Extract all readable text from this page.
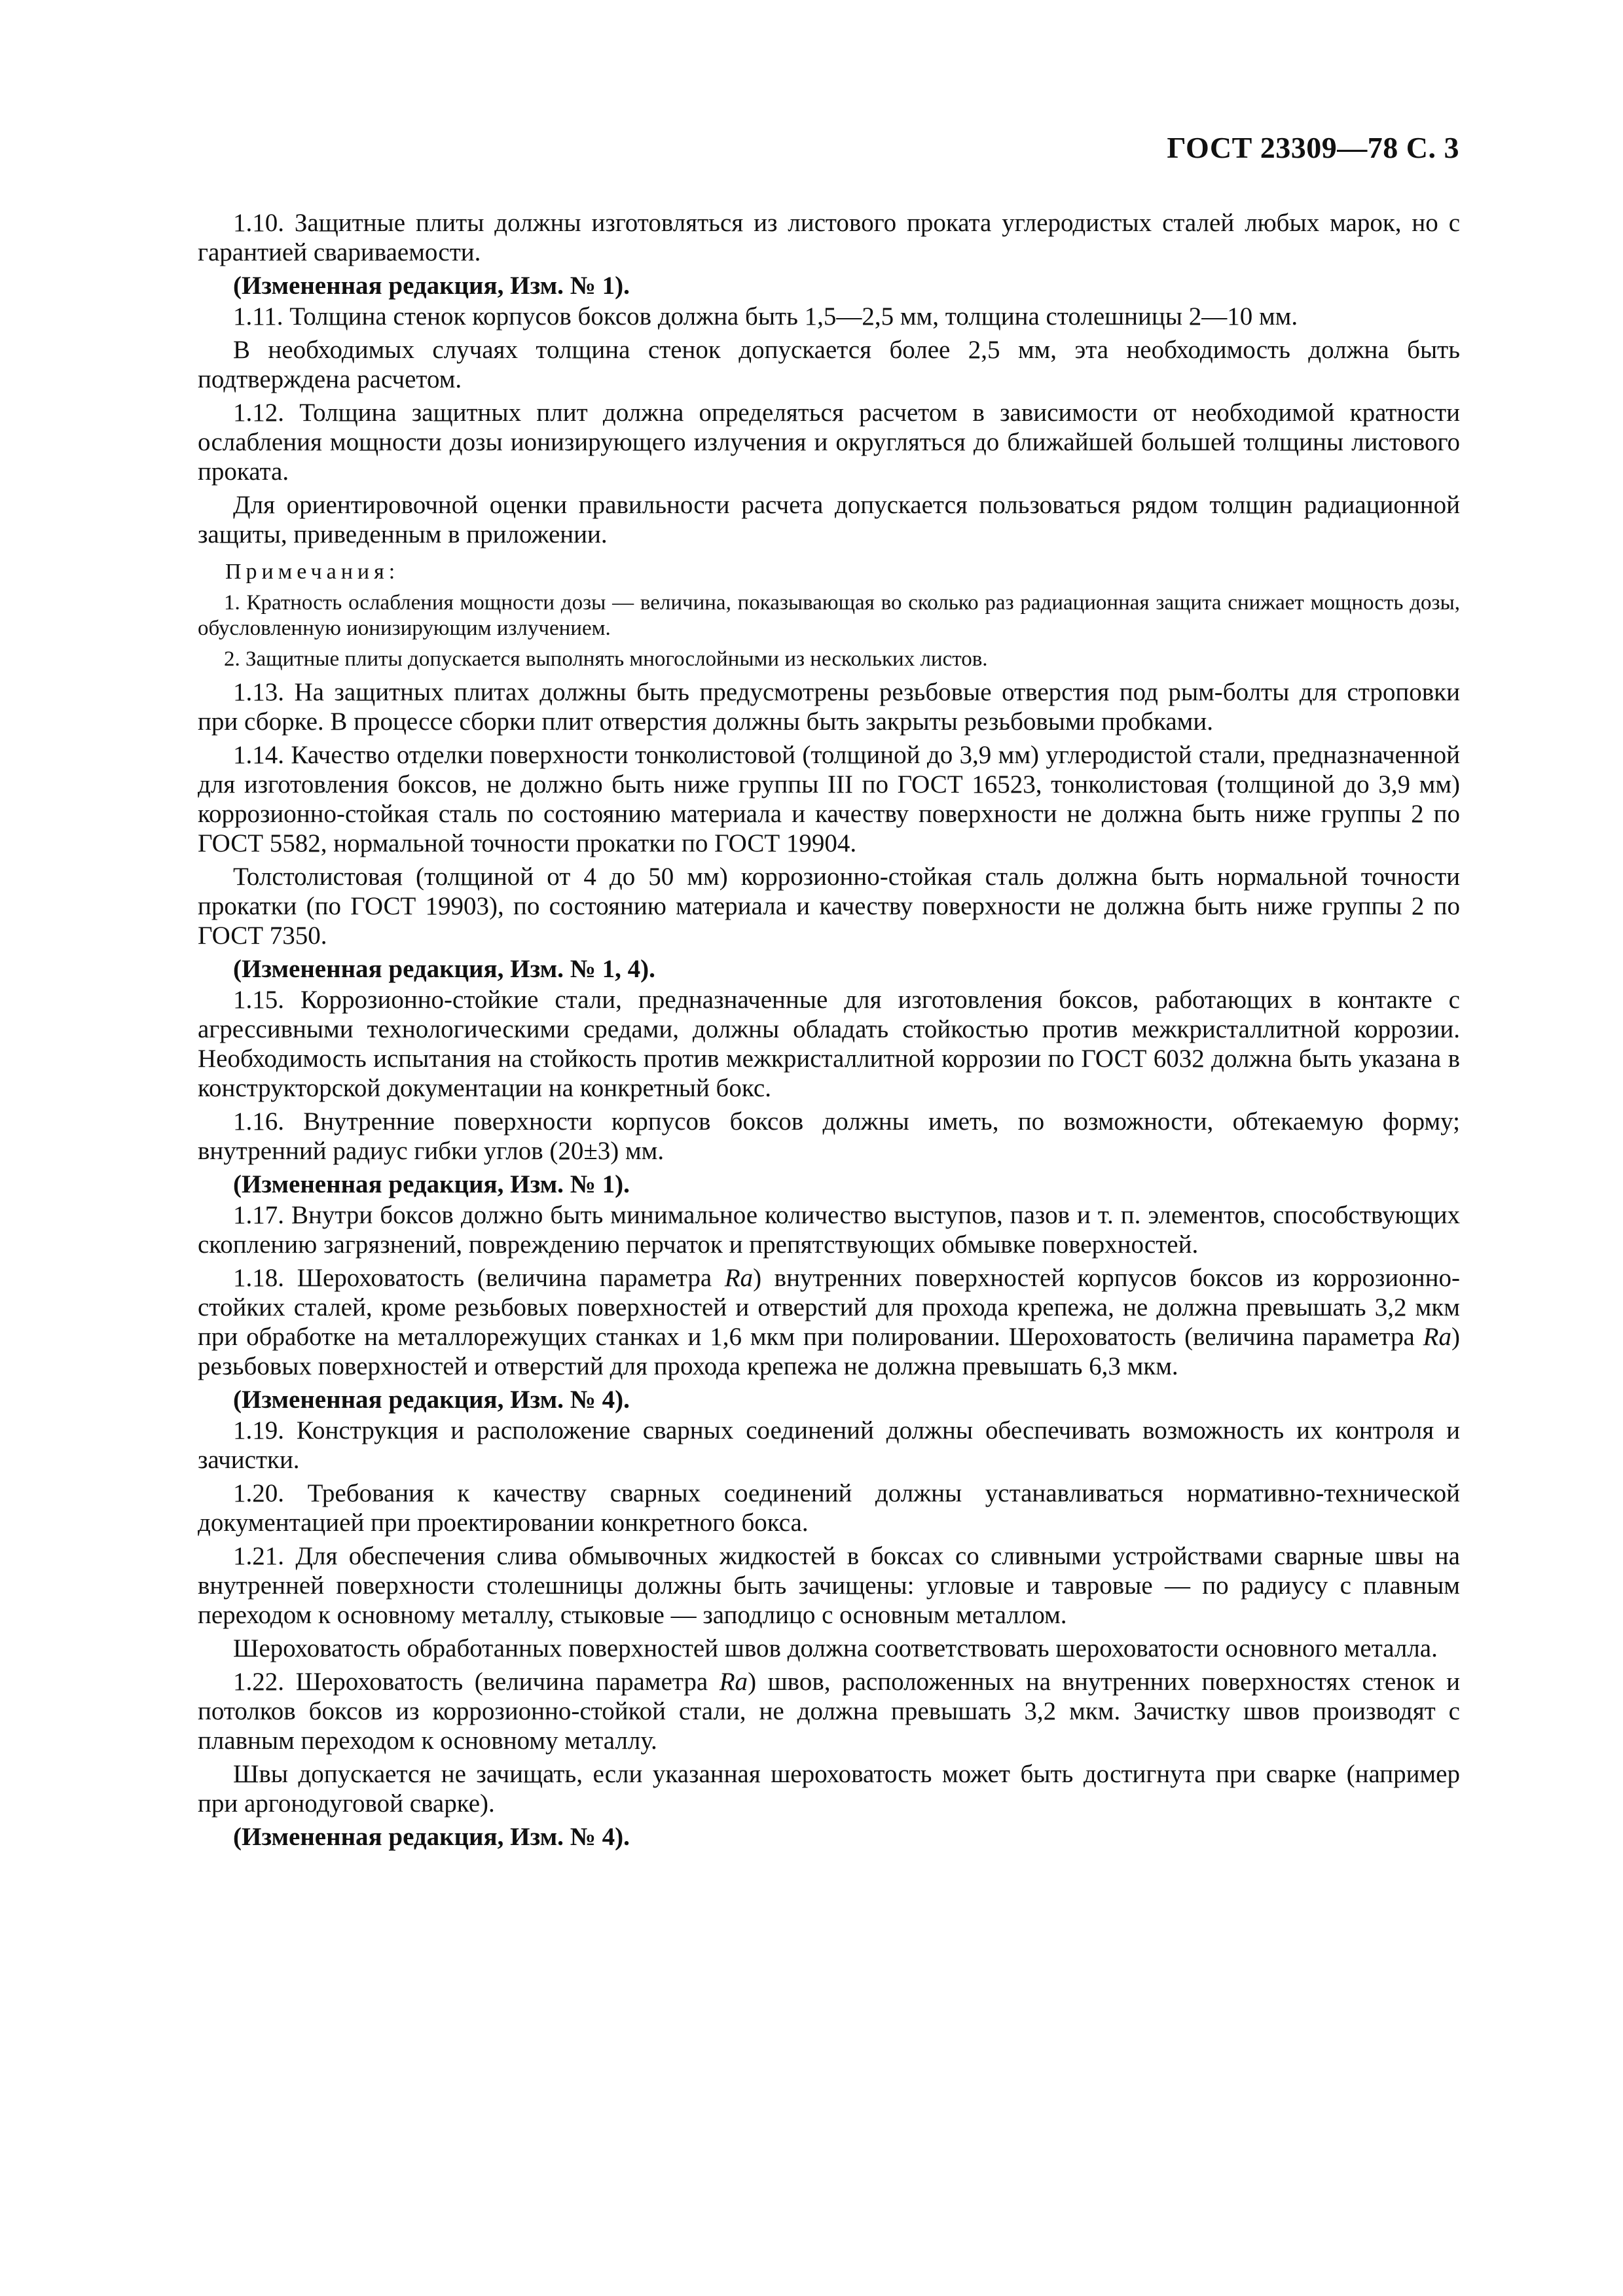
ГОСТ 23309—78 С. 3

1.10. Защитные плиты должны изготовляться из листового проката углеродистых сталей любых марок, но с гарантией свариваемости.

(Измененная редакция, Изм. № 1).

1.11. Толщина стенок корпусов боксов должна быть 1,5—2,5 мм, толщина столешницы 2—10 мм.

В необходимых случаях толщина стенок допускается более 2,5 мм, эта необходимость должна быть подтверждена расчетом.

1.12. Толщина защитных плит должна определяться расчетом в зависимости от необходимой кратности ослабления мощности дозы ионизирующего излучения и округляться до ближайшей большей толщины листового проката.

Для ориентировочной оценки правильности расчета допускается пользоваться рядом толщин радиационной защиты, приведенным в приложении.

Примечания:

1. Кратность ослабления мощности дозы — величина, показывающая во сколько раз радиационная защита снижает мощность дозы, обусловленную ионизирующим излучением.

2. Защитные плиты допускается выполнять многослойными из нескольких листов.

1.13. На защитных плитах должны быть предусмотрены резьбовые отверстия под рым-болты для строповки при сборке. В процессе сборки плит отверстия должны быть закрыты резьбовыми пробками.

1.14. Качество отделки поверхности тонколистовой (толщиной до 3,9 мм) углеродистой стали, предназначенной для изготовления боксов, не должно быть ниже группы III по ГОСТ 16523, тонколистовая (толщиной до 3,9 мм) коррозионно-стойкая сталь по состоянию материала и качеству поверхности не должна быть ниже группы 2 по ГОСТ 5582, нормальной точности прокатки по ГОСТ 19904.

Толстолистовая (толщиной от 4 до 50 мм) коррозионно-стойкая сталь должна быть нормальной точности прокатки (по ГОСТ 19903), по состоянию материала и качеству поверхности не должна быть ниже группы 2 по ГОСТ 7350.

(Измененная редакция, Изм. № 1, 4).

1.15. Коррозионно-стойкие стали, предназначенные для изготовления боксов, работающих в контакте с агрессивными технологическими средами, должны обладать стойкостью против межкристаллитной коррозии. Необходимость испытания на стойкость против межкристаллитной коррозии по ГОСТ 6032 должна быть указана в конструкторской документации на конкретный бокс.

1.16. Внутренние поверхности корпусов боксов должны иметь, по возможности, обтекаемую форму; внутренний радиус гибки углов (20±3) мм.

(Измененная редакция, Изм. № 1).

1.17. Внутри боксов должно быть минимальное количество выступов, пазов и т. п. элементов, способствующих скоплению загрязнений, повреждению перчаток и препятствующих обмывке поверхностей.

1.18. Шероховатость (величина параметра Ra) внутренних поверхностей корпусов боксов из коррозионно-стойких сталей, кроме резьбовых поверхностей и отверстий для прохода крепежа, не должна превышать 3,2 мкм при обработке на металлорежущих станках и 1,6 мкм при полировании. Шероховатость (величина параметра Ra) резьбовых поверхностей и отверстий для прохода крепежа не должна превышать 6,3 мкм.

(Измененная редакция, Изм. № 4).

1.19. Конструкция и расположение сварных соединений должны обеспечивать возможность их контроля и зачистки.

1.20. Требования к качеству сварных соединений должны устанавливаться нормативно-технической документацией при проектировании конкретного бокса.

1.21. Для обеспечения слива обмывочных жидкостей в боксах со сливными устройствами сварные швы на внутренней поверхности столешницы должны быть зачищены: угловые и тавровые — по радиусу с плавным переходом к основному металлу, стыковые — заподлицо с основным металлом.

Шероховатость обработанных поверхностей швов должна соответствовать шероховатости основного металла.

1.22. Шероховатость (величина параметра Ra) швов, расположенных на внутренних поверхностях стенок и потолков боксов из коррозионно-стойкой стали, не должна превышать 3,2 мкм. Зачистку швов производят с плавным переходом к основному металлу.

Швы допускается не зачищать, если указанная шероховатость может быть достигнута при сварке (например при аргонодуговой сварке).

(Измененная редакция, Изм. № 4).
